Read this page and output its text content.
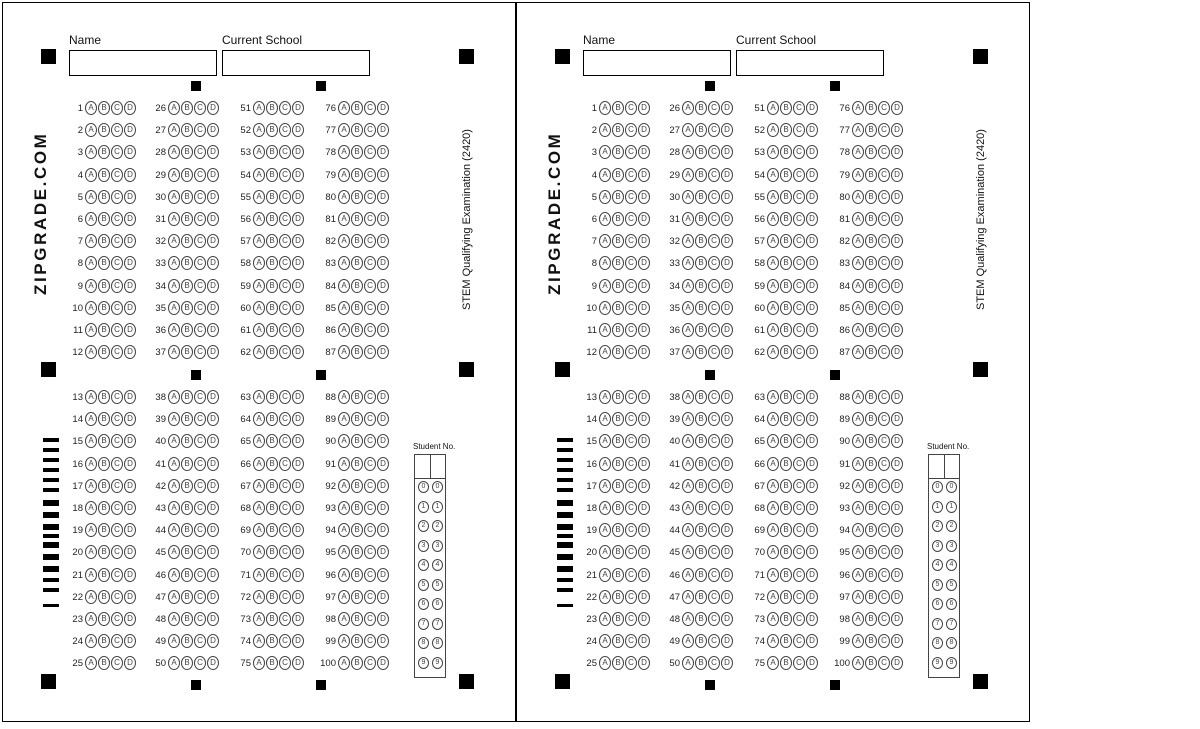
Name	Current School
ZIPGRADE.COM	STEM Qualifying Examination (2420)
Student No.
0	0
1	1
2	2
3	3
4	4
5	5
6	6
7	7
8	8
9	9
1 A B C D
2 A B C D
3 A B C D
4 A B C D
5 A B C D
6 A B C D
7 A B C D
8 A B C D
9 A B C D
10 A B C D
11 A B C D
12 A B C D
13 A B C D
14 A B C D
15 A B C D
16 A B C D
17 A B C D
18 A B C D
19 A B C D
20 A B C D
21 A B C D
22 A B C D
23 A B C D
24 A B C D
25 A B C D
26 A B C D
27 A B C D
28 A B C D
29 A B C D
30 A B C D
31 A B C D
32 A B C D
33 A B C D
34 A B C D
35 A B C D
36 A B C D
37 A B C D
38 A B C D
39 A B C D
40 A B C D
41 A B C D
42 A B C D
43 A B C D
44 A B C D
45 A B C D
46 A B C D
47 A B C D
48 A B C D
49 A B C D
50 A B C D
51 A B C D
52 A B C D
53 A B C D
54 A B C D
55 A B C D
56 A B C D
57 A B C D
58 A B C D
59 A B C D
60 A B C D
61 A B C D
62 A B C D
63 A B C D
64 A B C D
65 A B C D
66 A B C D
67 A B C D
68 A B C D
69 A B C D
70 A B C D
71 A B C D
72 A B C D
73 A B C D
74 A B C D
75 A B C D
76 A B C D
77 A B C D
78 A B C D
79 A B C D
80 A B C D
81 A B C D
82 A B C D
83 A B C D
84 A B C D
85 A B C D
86 A B C D
87 A B C D
88 A B C D
89 A B C D
90 A B C D
91 A B C D
92 A B C D
93 A B C D
94 A B C D
95 A B C D
96 A B C D
97 A B C D
98 A B C D
99 A B C D
100 A B C D
Name	Current School
ZIPGRADE.COM	STEM Qualifying Examination (2420)
Student No.
0	0
1	1
2	2
3	3
4	4
5	5
6	6
7	7
8	8
9	9
1 A B C D
2 A B C D
3 A B C D
4 A B C D
5 A B C D
6 A B C D
7 A B C D
8 A B C D
9 A B C D
10 A B C D
11 A B C D
12 A B C D
13 A B C D
14 A B C D
15 A B C D
16 A B C D
17 A B C D
18 A B C D
19 A B C D
20 A B C D
21 A B C D
22 A B C D
23 A B C D
24 A B C D
25 A B C D
26 A B C D
27 A B C D
28 A B C D
29 A B C D
30 A B C D
31 A B C D
32 A B C D
33 A B C D
34 A B C D
35 A B C D
36 A B C D
37 A B C D
38 A B C D
39 A B C D
40 A B C D
41 A B C D
42 A B C D
43 A B C D
44 A B C D
45 A B C D
46 A B C D
47 A B C D
48 A B C D
49 A B C D
50 A B C D
51 A B C D
52 A B C D
53 A B C D
54 A B C D
55 A B C D
56 A B C D
57 A B C D
58 A B C D
59 A B C D
60 A B C D
61 A B C D
62 A B C D
63 A B C D
64 A B C D
65 A B C D
66 A B C D
67 A B C D
68 A B C D
69 A B C D
70 A B C D
71 A B C D
72 A B C D
73 A B C D
74 A B C D
75 A B C D
76 A B C D
77 A B C D
78 A B C D
79 A B C D
80 A B C D
81 A B C D
82 A B C D
83 A B C D
84 A B C D
85 A B C D
86 A B C D
87 A B C D
88 A B C D
89 A B C D
90 A B C D
91 A B C D
92 A B C D
93 A B C D
94 A B C D
95 A B C D
96 A B C D
97 A B C D
98 A B C D
99 A B C D
100 A B C D
